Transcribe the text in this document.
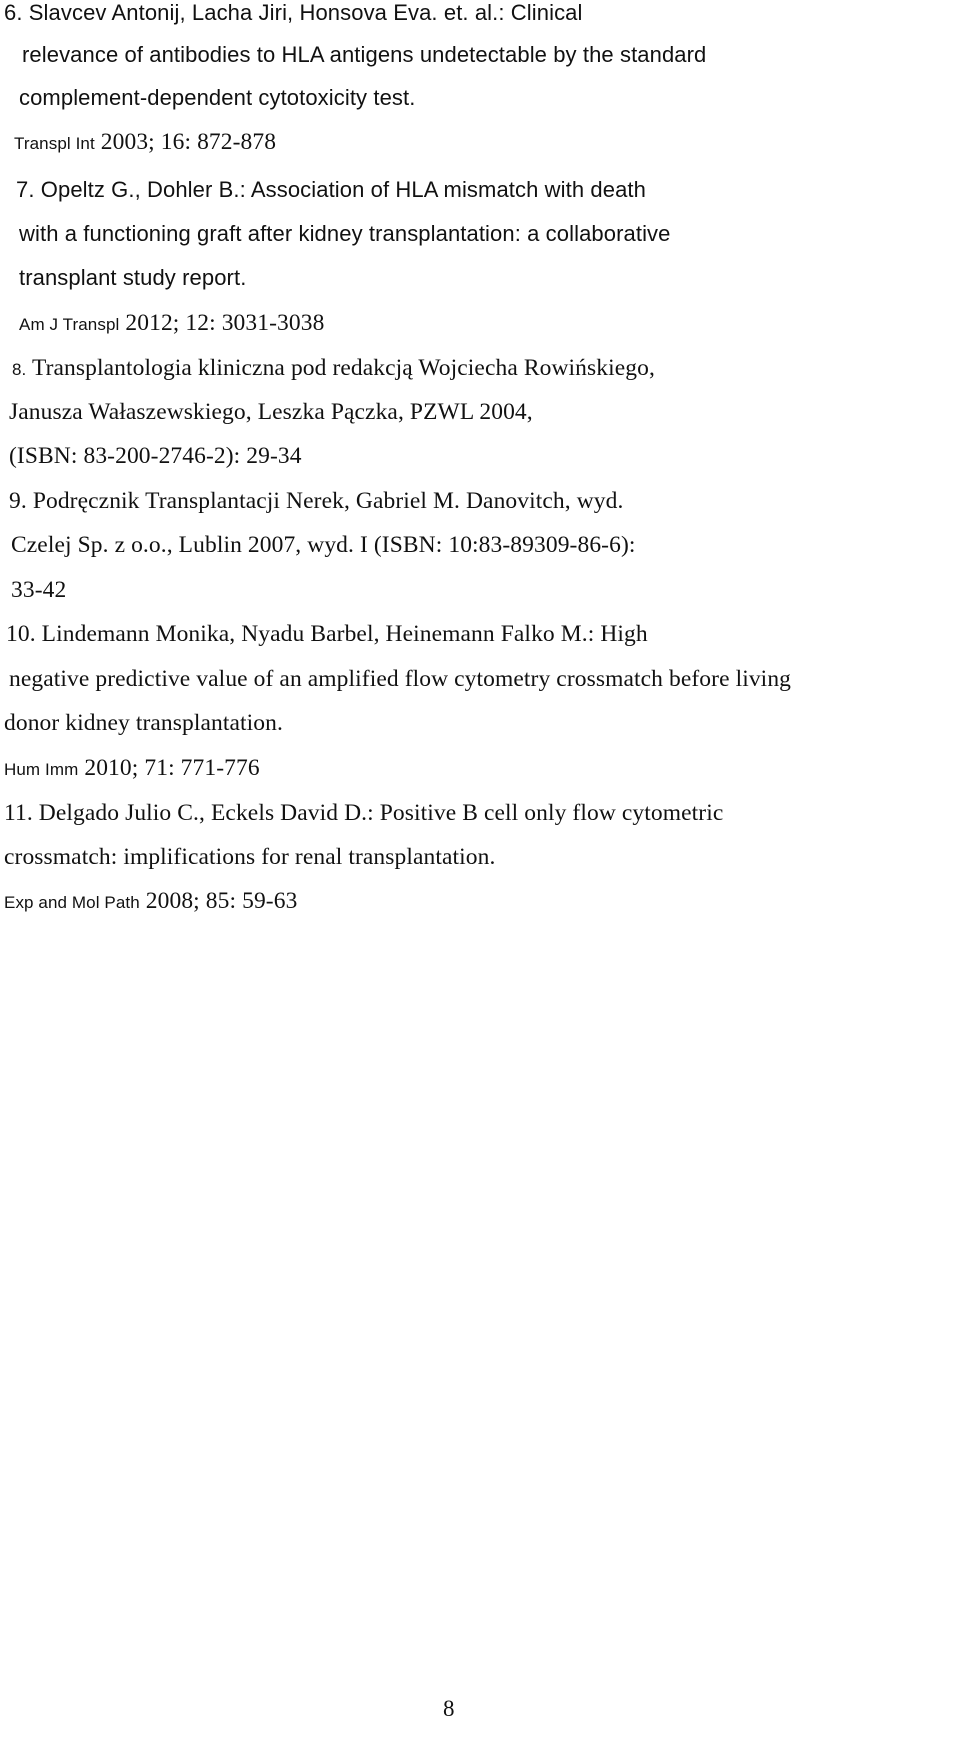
6. Slavcev Antonij, Lacha Jiri, Honsova Eva. et. al.: Clinical
relevance of antibodies to HLA antigens undetectable by the standard
complement-dependent cytotoxicity test.
Transpl Int 2003; 16: 872-878
7. Opeltz G., Dohler B.: Association of HLA mismatch with death
with a functioning graft after kidney transplantation: a collaborative
transplant study report.
Am J Transpl 2012; 12: 3031-3038
8. Transplantologia kliniczna pod redakcją Wojciecha Rowińskiego,
Janusza Wałaszewskiego, Leszka Pączka, PZWL 2004,
(ISBN: 83-200-2746-2): 29-34
9. Podręcznik Transplantacji Nerek, Gabriel M. Danovitch, wyd.
Czelej Sp. z o.o., Lublin 2007, wyd. I (ISBN: 10:83-89309-86-6):
33-42
10. Lindemann Monika, Nyadu Barbel, Heinemann Falko M.: High
negative predictive value of an amplified flow cytometry crossmatch before living
donor kidney transplantation.
Hum Imm 2010; 71: 771-776
11. Delgado Julio C., Eckels David D.: Positive B cell only flow cytometric
crossmatch: implifications for renal transplantation.
Exp and Mol Path 2008; 85: 59-63
8
